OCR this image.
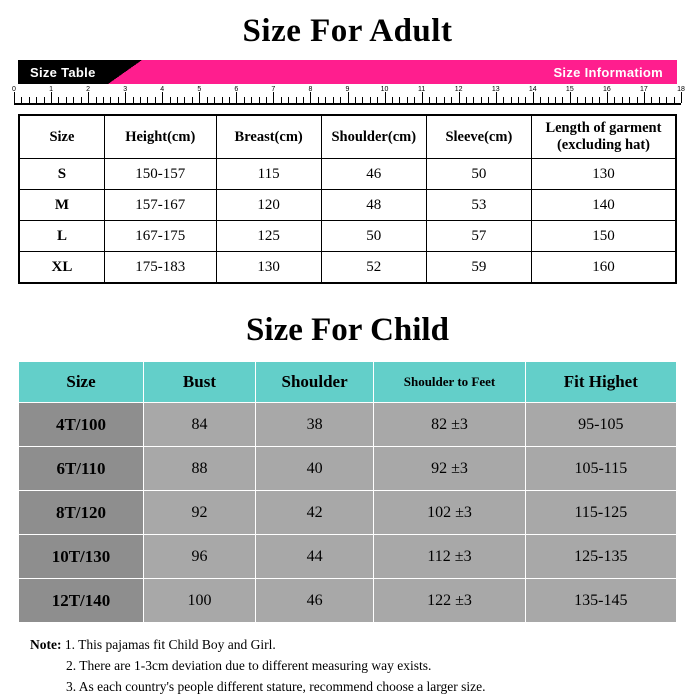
Size For Adult
Size Table	Size Informatiom
0	1	2	3	4	5	6	7	8	9	10	11	12	13	14	15	16	17	18
Size	Height(cm)	Breast(cm)	Shoulder(cm)	Sleeve(cm)	Length of garment (excluding hat)
S	150-157	115	46	50	130
M	157-167	120	48	53	140
L	167-175	125	50	57	150
XL	175-183	130	52	59	160
Size For Child
Size	Bust	Shoulder	Shoulder to Feet	Fit Highet
4T/100	84	38	82 ±3	95-105
6T/110	88	40	92 ±3	105-115
8T/120	92	42	102 ±3	115-125
10T/130	96	44	112 ±3	125-135
12T/140	100	46	122 ±3	135-145
Note: 1. This pajamas fit Child Boy and Girl.
2. There are 1-3cm deviation due to different measuring way exists.
3. As each country's people different stature, recommend choose a larger size.
